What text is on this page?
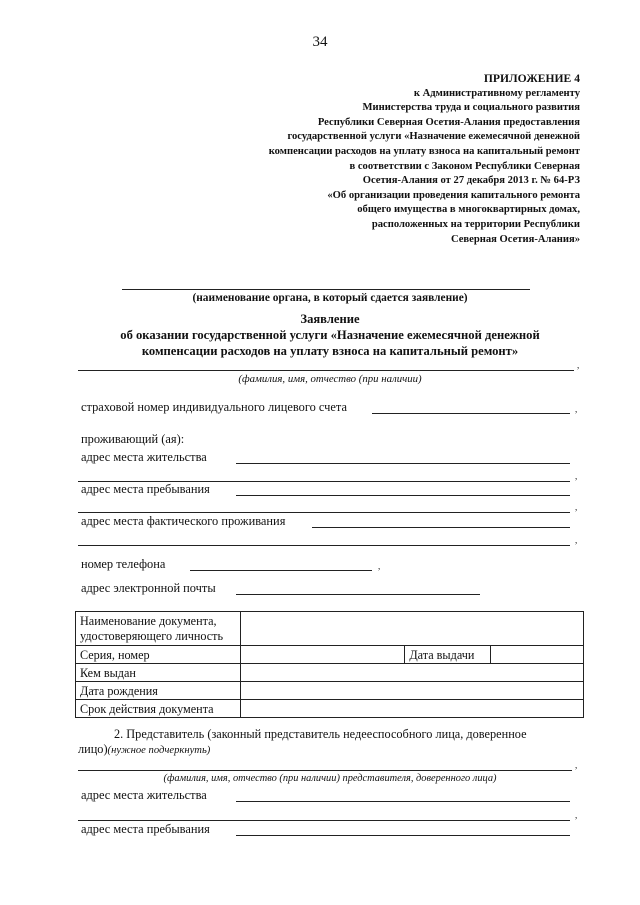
34
ПРИЛОЖЕНИЕ 4
к Административному регламенту
Министерства труда и социального развития
Республики Северная Осетия-Алания предоставления
государственной услуги «Назначение ежемесячной денежной
компенсации расходов на уплату взноса на капитальный ремонт
в соответствии с Законом Республики Северная
Осетия-Алания от 27 декабря 2013 г. № 64-РЗ
«Об организации проведения капитального ремонта
общего имущества в многоквартирных домах,
расположенных на территории Республики
Северная Осетия-Алания»
(наименование органа, в который сдается заявление)
Заявление
об оказании государственной услуги «Назначение ежемесячной денежной
компенсации расходов на уплату взноса на капитальный ремонт»
,
(фамилия, имя, отчество (при наличии)
страховой номер индивидуального лицевого счета	,
проживающий (ая):
адрес места жительства
,
адрес места пребывания
,
адрес места фактического проживания
,
номер телефона	,
адрес электронной почты
Наименование документа,
удостоверяющего личность			

Серия, номер		Дата выдачи	
Кем выдан			
Дата рождения			
Срок действия документа			
2. Представитель (законный представитель недееспособного лица, доверенное
лицо)(нужное подчеркнуть)
,
(фамилия, имя, отчество (при наличии) представителя, доверенного лица)
адрес места жительства
,
адрес места пребывания
